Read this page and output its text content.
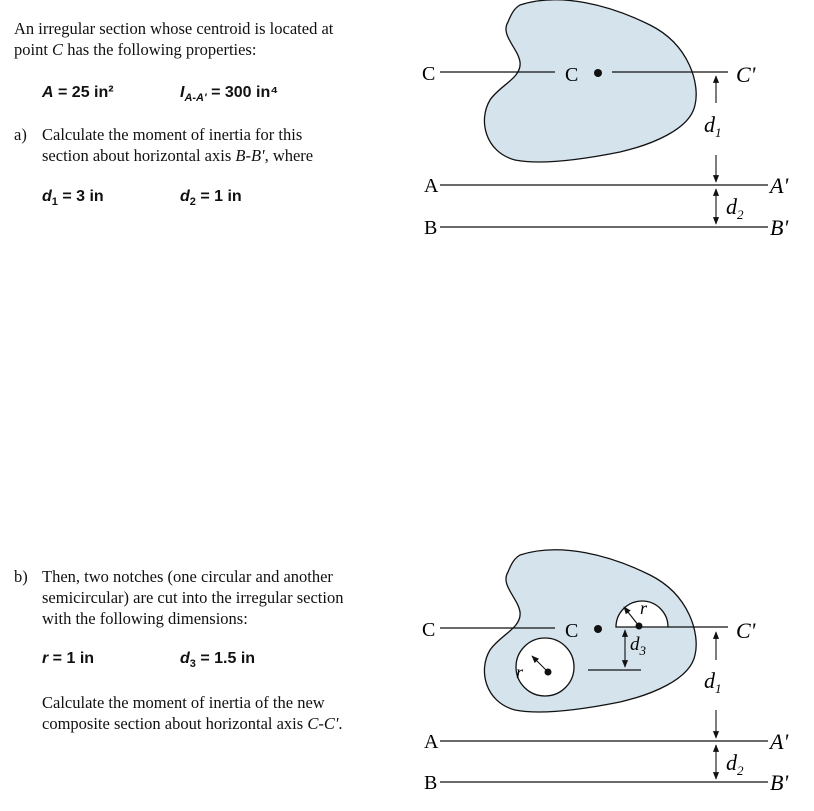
An irregular section whose centroid is located at
point C has the following properties:
A = 25 in²	$I_{A-A'} = 300$ in⁴
a) Calculate the moment of inertia for this
section about horizontal axis B-B', where
$d_1 = 3$ in	$d_2 = 1$ in
b) Then, two notches (one circular and another
semicircular) are cut into the irregular section
with the following dimensions:
r = 1 in	$d_3 = 1.5$ in
Calculate the moment of inertia of the new
composite section about horizontal axis C-C'.
C	C'
C
A	A'
B	B'
$d_1$
$d_2$
r
r
C	C'
C
$d_3$
A	A'
B	B'
$d_1$
$d_2$
